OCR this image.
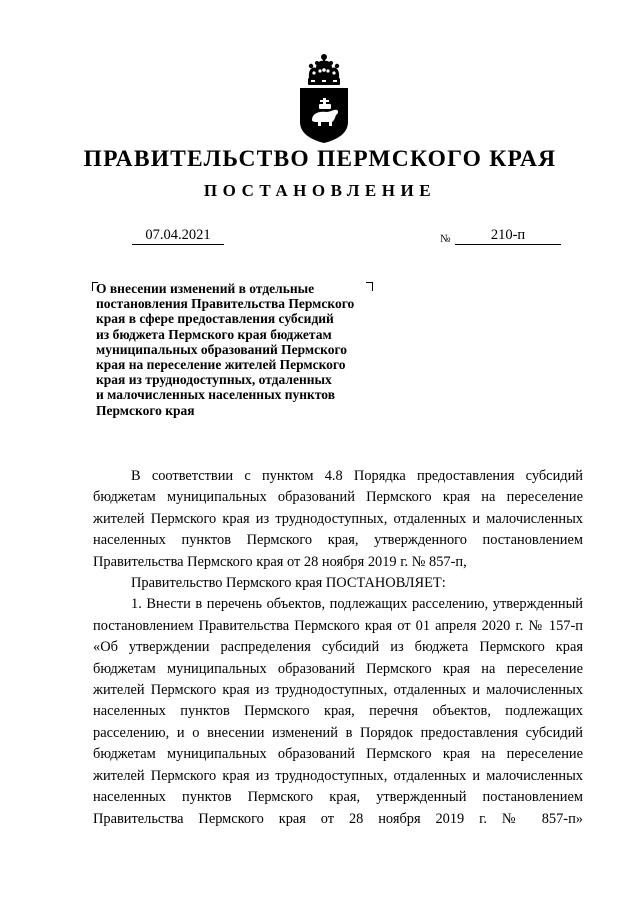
ПРАВИТЕЛЬСТВО ПЕРМСКОГО КРАЯ
ПОСТАНОВЛЕНИЕ
07.04.2021	№	210-п
О внесении изменений в отдельные
постановления Правительства Пермского
края в сфере предоставления субсидий
из бюджета Пермского края бюджетам
муниципальных образований Пермского
края на переселение жителей Пермского
края из труднодоступных, отдаленных
и малочисленных населенных пунктов
Пермского края

В соответствии с пунктом 4.8 Порядка предоставления субсидий бюджетам муниципальных образований Пермского края на переселение жителей Пермского края из труднодоступных, отдаленных и малочисленных населенных пунктов Пермского края, утвержденного постановлением Правительства Пермского края от 28 ноября 2019 г. № 857-п,

Правительство Пермского края ПОСТАНОВЛЯЕТ:

1. Внести в перечень объектов, подлежащих расселению, утвержденный постановлением Правительства Пермского края от 01 апреля 2020 г. № 157-п «Об утверждении распределения субсидий из бюджета Пермского края бюджетам муниципальных образований Пермского края на переселение жителей Пермского края из труднодоступных, отдаленных и малочисленных населенных пунктов Пермского края, перечня объектов, подлежащих расселению, и о внесении изменений в Порядок предоставления субсидий бюджетам муниципальных образований Пермского края на переселение жителей Пермского края из труднодоступных, отдаленных и малочисленных населенных пунктов Пермского края, утвержденный постановлением Правительства Пермского края от 28 ноября 2019 г. № 857-п»
